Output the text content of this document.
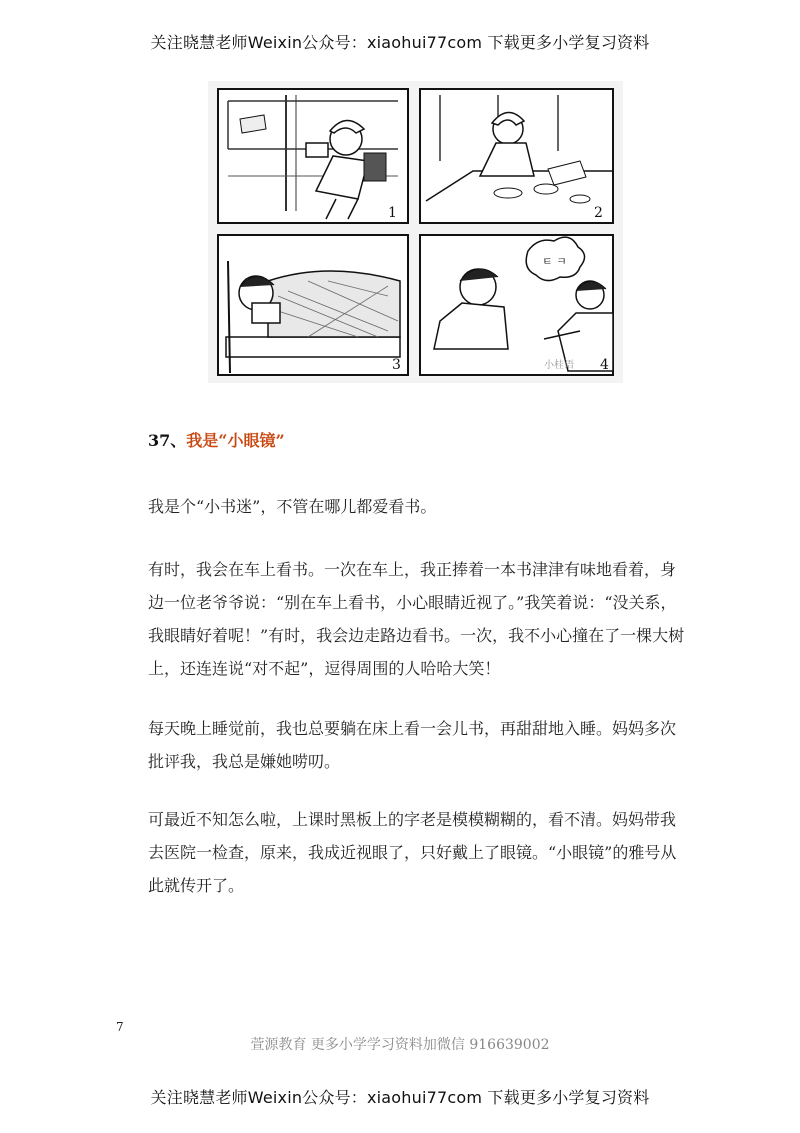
关注晓慧老师Weixin公众号：xiaohui77com 下载更多小学复习资料
1	2
3
ㅌ ㅋ
小桂语 4
37、我是“小眼镜”

我是个“小书迷”，不管在哪儿都爱看书。

有时，我会在车上看书。一次在车上，我正捧着一本书津津有味地看着，身边一位老爷爷说：“别在车上看书，小心眼睛近视了。”我笑着说：“没关系，我眼睛好着呢！”有时，我会边走路边看书。一次，我不小心撞在了一棵大树上，还连连说“对不起”，逗得周围的人哈哈大笑！

每天晚上睡觉前，我也总要躺在床上看一会儿书，再甜甜地入睡。妈妈多次批评我，我总是嫌她唠叨。

可最近不知怎么啦，上课时黑板上的字老是模模糊糊的，看不清。妈妈带我去医院一检查，原来，我成近视眼了，只好戴上了眼镜。“小眼镜”的雅号从此就传开了。

7
萱源教育 更多小学学习资料加微信 916639002
关注晓慧老师Weixin公众号：xiaohui77com 下载更多小学复习资料
